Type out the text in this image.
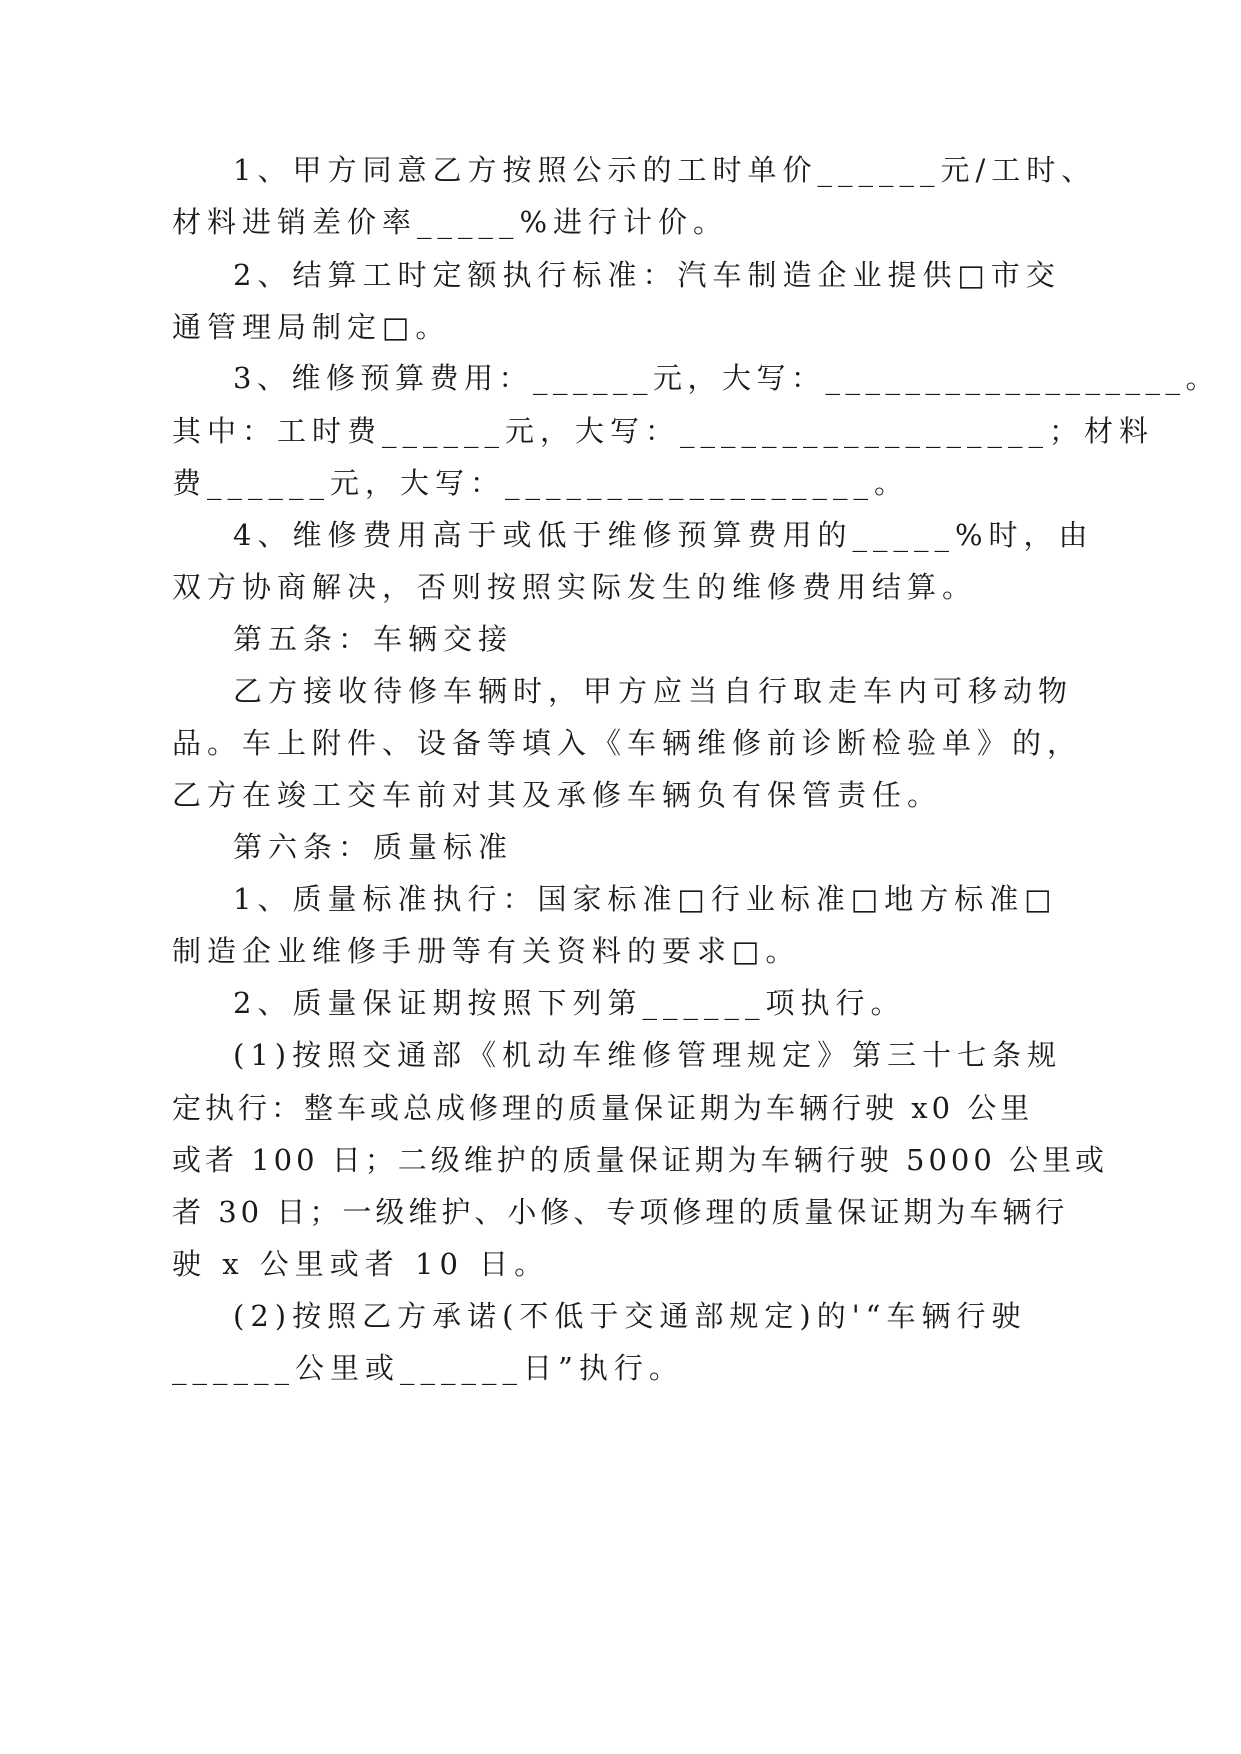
1、甲方同意乙方按照公示的工时单价______元/工时、
材料进销差价率_____%进行计价。
2、结算工时定额执行标准：汽车制造企业提供□市交
通管理局制定□。
3、维修预算费用：______元，大写：__________________。
其中：工时费______元，大写：__________________；材料
费______元，大写：__________________。
4、维修费用高于或低于维修预算费用的_____%时，由
双方协商解决，否则按照实际发生的维修费用结算。
第五条：车辆交接
乙方接收待修车辆时，甲方应当自行取走车内可移动物
品。车上附件、设备等填入《车辆维修前诊断检验单》的，
乙方在竣工交车前对其及承修车辆负有保管责任。
第六条：质量标准
1、质量标准执行：国家标准□行业标准□地方标准□
制造企业维修手册等有关资料的要求□。
2、质量保证期按照下列第______项执行。
(1)按照交通部《机动车维修管理规定》第三十七条规
定执行：整车或总成修理的质量保证期为车辆行驶 x0 公里
或者 100 日；二级维护的质量保证期为车辆行驶 5000 公里或
者 30 日；一级维护、小修、专项修理的质量保证期为车辆行
驶 x 公里或者 10 日。
(2)按照乙方承诺(不低于交通部规定)的'“车辆行驶
______公里或______日”执行。
